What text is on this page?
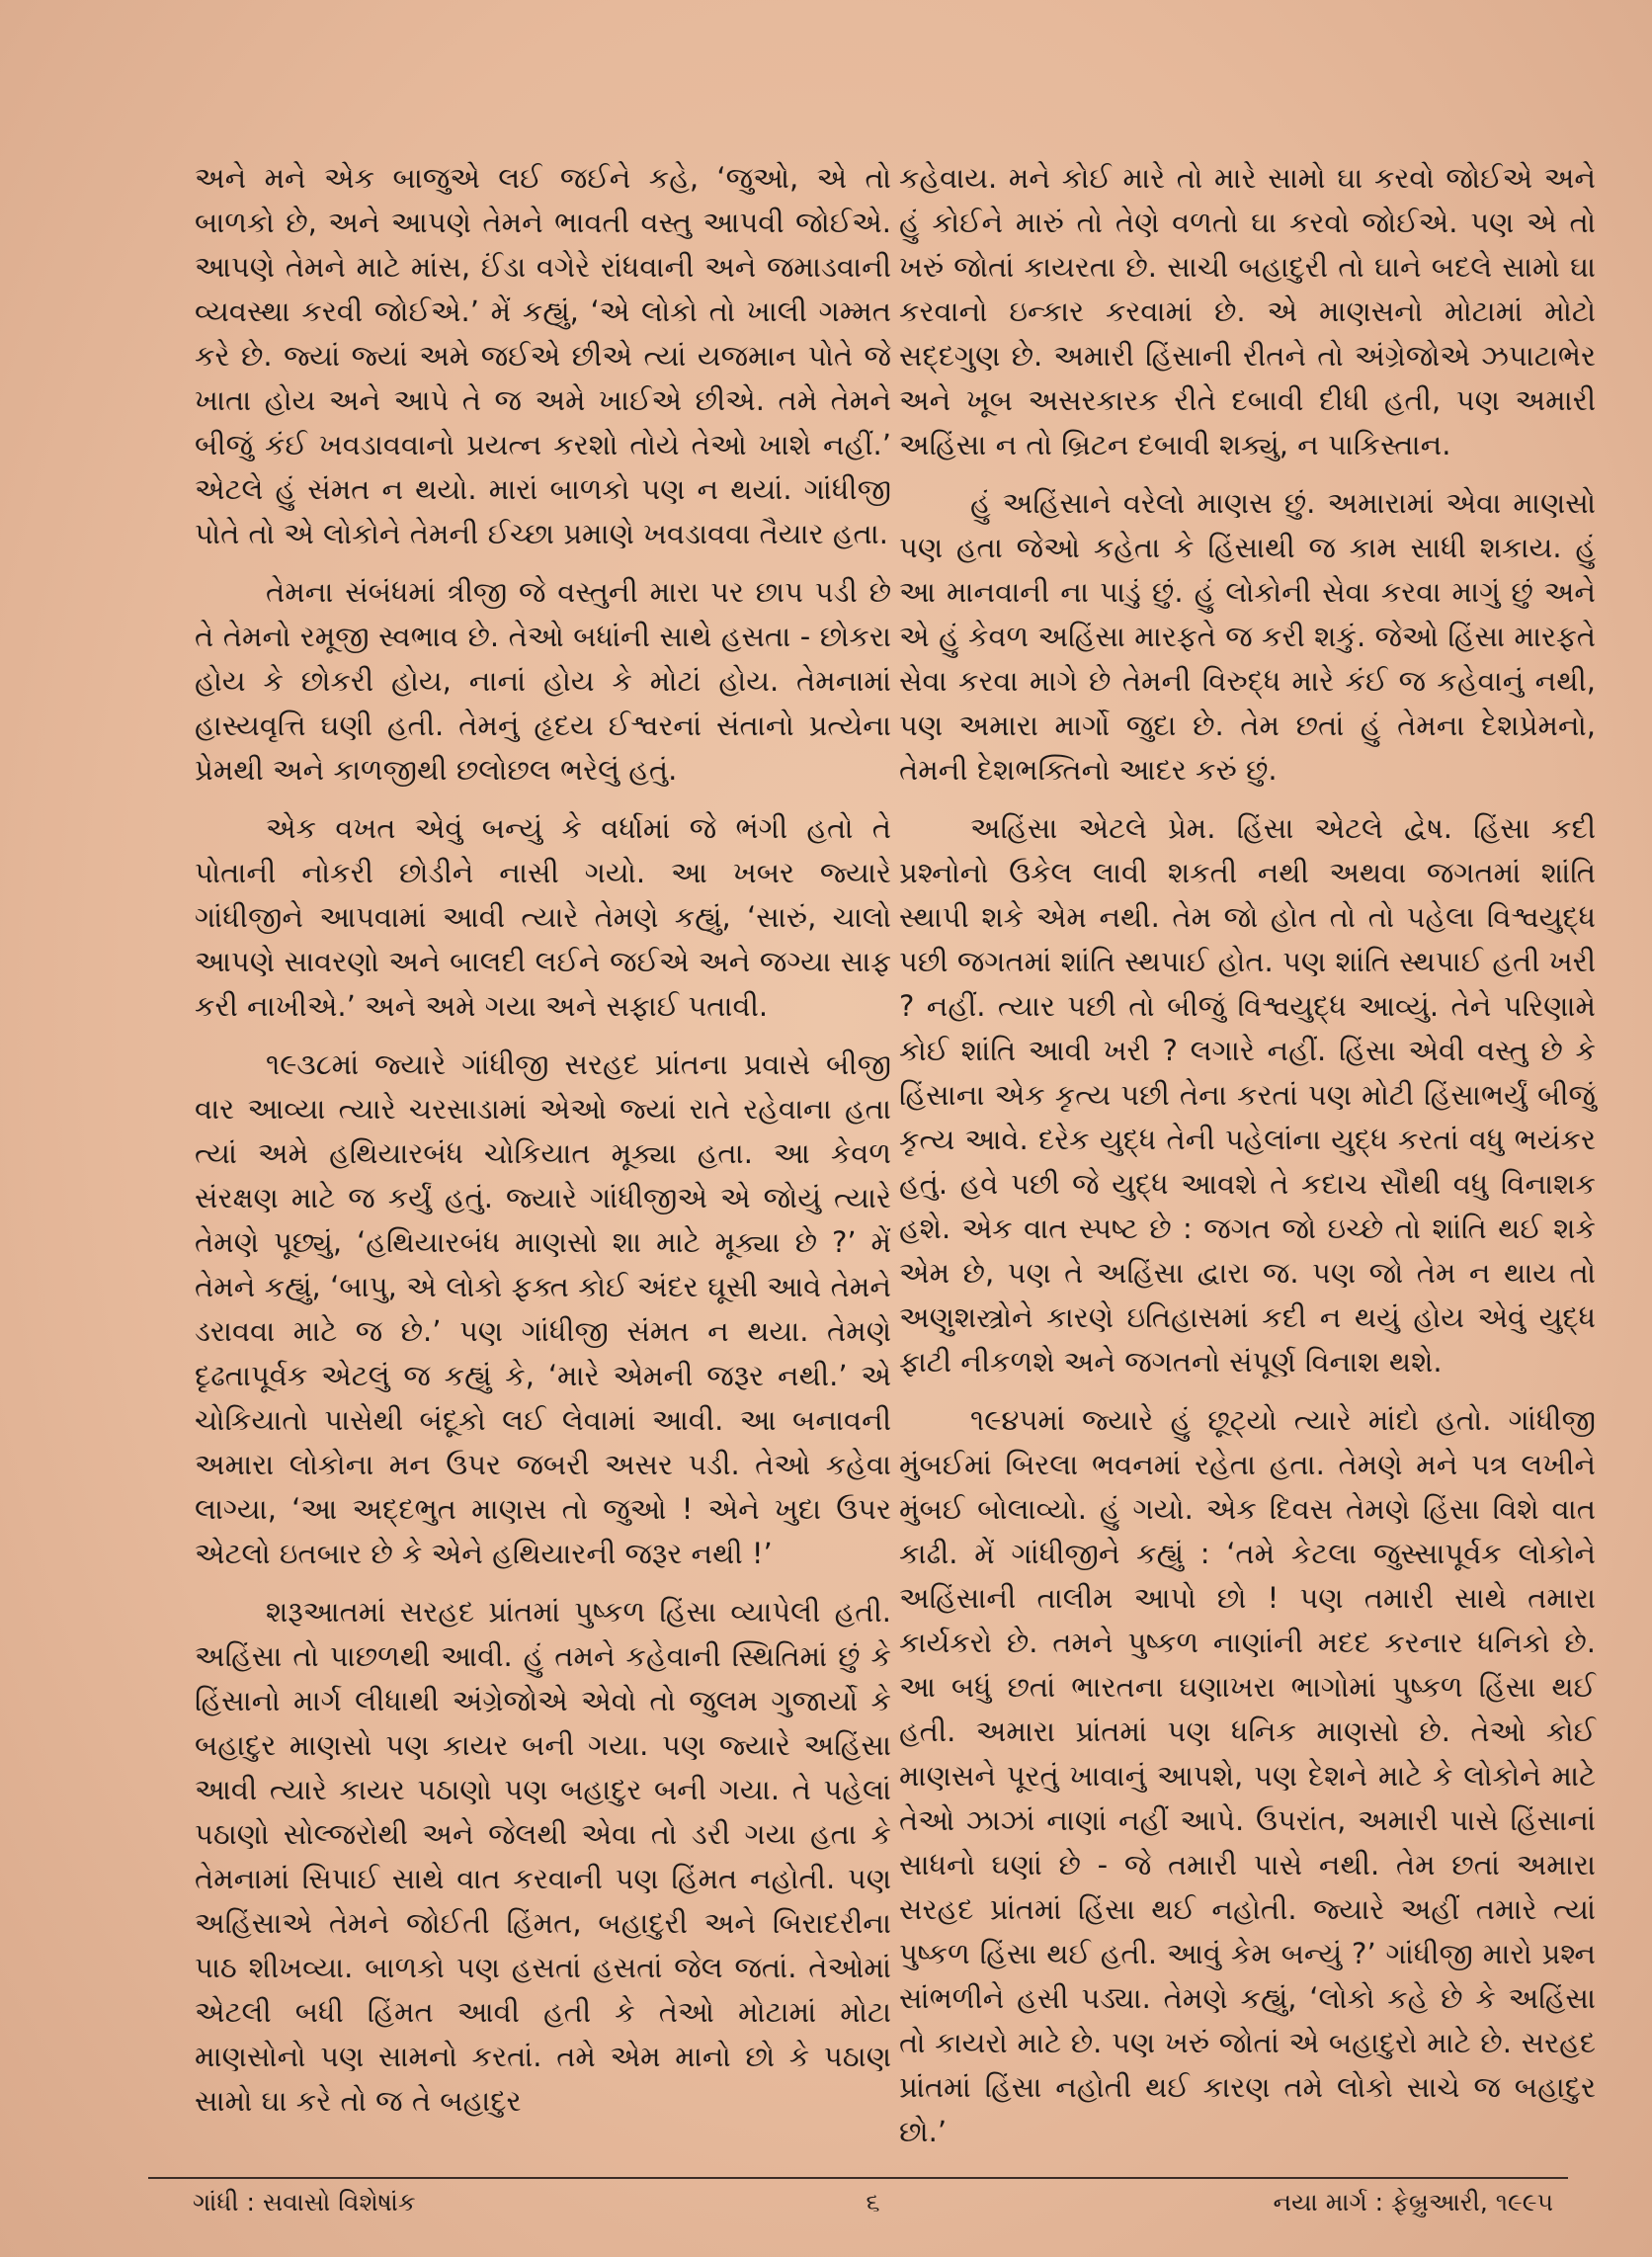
અને મને એક બાજુએ લઈ જઈને કહે, ‘જુઓ, એ તો બાળકો છે, અને આપણે તેમને ભાવતી વસ્તુ આપવી જોઈએ. આપણે તેમને માટે માંસ, ઈંડા વગેરે રાંધવાની અને જમાડવાની વ્યવસ્થા કરવી જોઈએ.’ મેં કહ્યું, ‘એ લોકો તો ખાલી ગમ્મત કરે છે. જ્યાં જ્યાં અમે જઈએ છીએ ત્યાં યજમાન પોતે જે ખાતા હોય અને આપે તે જ અમે ખાઈએ છીએ. તમે તેમને બીજું કંઈ ખવડાવવાનો પ્રયત્ન કરશો તોયે તેઓ ખાશે નહીં.’ એટલે હું સંમત ન થયો. મારાં બાળકો પણ ન થયાં. ગાંધીજી પોતે તો એ લોકોને તેમની ઈચ્છા પ્રમાણે ખવડાવવા તૈયાર હતા.

તેમના સંબંધમાં ત્રીજી જે વસ્તુની મારા પર છાપ પડી છે તે તેમનો રમૂજી સ્વભાવ છે. તેઓ બધાંની સાથે હસતા - છોકરા હોય કે છોકરી હોય, નાનાં હોય કે મોટાં હોય. તેમનામાં હાસ્યવૃત્તિ ઘણી હતી. તેમનું હૃદય ઈશ્વરનાં સંતાનો પ્રત્યેના પ્રેમથી અને કાળજીથી છલોછલ ભરેલું હતું.

એક વખત એવું બન્યું કે વર્ધામાં જે ભંગી હતો તે પોતાની નોકરી છોડીને નાસી ગયો. આ ખબર જ્યારે ગાંધીજીને આપવામાં આવી ત્યારે તેમણે કહ્યું, ‘સારું, ચાલો આપણે સાવરણો અને બાલદી લઈને જઈએ અને જગ્યા સાફ કરી નાખીએ.’ અને અમે ગયા અને સફાઈ પતાવી.

૧૯૩૮માં જ્યારે ગાંધીજી સરહદ પ્રાંતના પ્રવાસે બીજી વાર આવ્યા ત્યારે ચરસાડામાં એઓ જ્યાં રાતે રહેવાના હતા ત્યાં અમે હથિયારબંધ ચોકિયાત મૂક્યા હતા. આ કેવળ સંરક્ષણ માટે જ કર્યું હતું. જ્યારે ગાંધીજીએ એ જોયું ત્યારે તેમણે પૂછ્યું, ‘હથિયારબંધ માણસો શા માટે મૂક્યા છે ?’ મેં તેમને કહ્યું, ‘બાપુ, એ લોકો ફક્ત કોઈ અંદર ઘૂસી આવે તેમને ડરાવવા માટે જ છે.’ પણ ગાંધીજી સંમત ન થયા. તેમણે દૃઢતાપૂર્વક એટલું જ કહ્યું કે, ‘મારે એમની જરૂર નથી.’ એ ચોકિયાતો પાસેથી બંદૂકો લઈ લેવામાં આવી. આ બનાવની અમારા લોકોના મન ઉપર જબરી અસર પડી. તેઓ કહેવા લાગ્યા, ‘આ અદ્દભુત માણસ તો જુઓ ! એને ખુદા ઉપર એટલો ઇતબાર છે કે એને હથિયારની જરૂર નથી !’

શરૂઆતમાં સરહદ પ્રાંતમાં પુષ્કળ હિંસા વ્યાપેલી હતી. અહિંસા તો પાછળથી આવી. હું તમને કહેવાની સ્થિતિમાં છું કે હિંસાનો માર્ગ લીધાથી અંગ્રેજોએ એવો તો જુલમ ગુજાર્યો કે બહાદુર માણસો પણ કાયર બની ગયા. પણ જ્યારે અહિંસા આવી ત્યારે કાયર પઠાણો પણ બહાદુર બની ગયા. તે પહેલાં પઠાણો સોલ્જરોથી અને જેલથી એવા તો ડરી ગયા હતા કે તેમનામાં સિપાઈ સાથે વાત કરવાની પણ હિંમત નહોતી. પણ અહિંસાએ તેમને જોઈતી હિંમત, બહાદુરી અને બિરાદરીના પાઠ શીખવ્યા. બાળકો પણ હસતાં હસતાં જેલ જતાં. તેઓમાં એટલી બધી હિંમત આવી હતી કે તેઓ મોટામાં મોટા માણસોનો પણ સામનો કરતાં. તમે એમ માનો છો કે પઠાણ સામો ઘા કરે તો જ તે બહાદુર

કહેવાય. મને કોઈ મારે તો મારે સામો ઘા કરવો જોઈએ અને હું કોઈને મારું તો તેણે વળતો ઘા કરવો જોઈએ. પણ એ તો ખરું જોતાં કાયરતા છે. સાચી બહાદુરી તો ઘાને બદલે સામો ઘા કરવાનો ઇન્કાર કરવામાં છે. એ માણસનો મોટામાં મોટો સદ્દગુણ છે. અમારી હિંસાની રીતને તો અંગ્રેજોએ ઝપાટાભેર અને ખૂબ અસરકારક રીતે દબાવી દીધી હતી, પણ અમારી અહિંસા ન તો બ્રિટન દબાવી શક્યું, ન પાકિસ્તાન.

હું અહિંસાને વરેલો માણસ છું. અમારામાં એવા માણસો પણ હતા જેઓ કહેતા કે હિંસાથી જ કામ સાધી શકાય. હું આ માનવાની ના પાડું છું. હું લોકોની સેવા કરવા માગું છું અને એ હું કેવળ અહિંસા મારફતે જ કરી શકું. જેઓ હિંસા મારફતે સેવા કરવા માગે છે તેમની વિરુદ્ધ મારે કંઈ જ કહેવાનું નથી, પણ અમારા માર્ગો જુદા છે. તેમ છતાં હું તેમના દેશપ્રેમનો, તેમની દેશભક્તિનો આદર કરું છું.

અહિંસા એટલે પ્રેમ. હિંસા એટલે દ્વેષ. હિંસા કદી પ્રશ્નોનો ઉકેલ લાવી શકતી નથી અથવા જગતમાં શાંતિ સ્થાપી શકે એમ નથી. તેમ જો હોત તો તો પહેલા વિશ્વયુદ્ધ પછી જગતમાં શાંતિ સ્થપાઈ હોત. પણ શાંતિ સ્થપાઈ હતી ખરી ? નહીં. ત્યાર પછી તો બીજું વિશ્વયુદ્ધ આવ્યું. તેને પરિણામે કોઈ શાંતિ આવી ખરી ? લગારે નહીં. હિંસા એવી વસ્તુ છે કે હિંસાના એક કૃત્ય પછી તેના કરતાં પણ મોટી હિંસાભર્યું બીજું કૃત્ય આવે. દરેક યુદ્ધ તેની પહેલાંના યુદ્ધ કરતાં વધુ ભયંકર હતું. હવે પછી જે યુદ્ધ આવશે તે કદાચ સૌથી વધુ વિનાશક હશે. એક વાત સ્પષ્ટ છે : જગત જો ઇચ્છે તો શાંતિ થઈ શકે એમ છે, પણ તે અહિંસા દ્વારા જ. પણ જો તેમ ન થાય તો અણુશસ્ત્રોને કારણે ઇતિહાસમાં કદી ન થયું હોય એવું યુદ્ધ ફાટી નીકળશે અને જગતનો સંપૂર્ણ વિનાશ થશે.

૧૯૪૫માં જ્યારે હું છૂટ્યો ત્યારે માંદો હતો. ગાંધીજી મુંબઈમાં બિરલા ભવનમાં રહેતા હતા. તેમણે મને પત્ર લખીને મુંબઈ બોલાવ્યો. હું ગયો. એક દિવસ તેમણે હિંસા વિશે વાત કાઢી. મેં ગાંધીજીને કહ્યું : ‘તમે કેટલા જુસ્સાપૂર્વક લોકોને અહિંસાની તાલીમ આપો છો ! પણ તમારી સાથે તમારા કાર્યકરો છે. તમને પુષ્કળ નાણાંની મદદ કરનાર ધનિકો છે. આ બધું છતાં ભારતના ઘણાખરા ભાગોમાં પુષ્કળ હિંસા થઈ હતી. અમારા પ્રાંતમાં પણ ધનિક માણસો છે. તેઓ કોઈ માણસને પૂરતું ખાવાનું આપશે, પણ દેશને માટે કે લોકોને માટે તેઓ ઝાઝાં નાણાં નહીં આપે. ઉપરાંત, અમારી પાસે હિંસાનાં સાધનો ઘણાં છે - જે તમારી પાસે નથી. તેમ છતાં અમારા સરહદ પ્રાંતમાં હિંસા થઈ નહોતી. જ્યારે અહીં તમારે ત્યાં પુષ્કળ હિંસા થઈ હતી. આવું કેમ બન્યું ?’ ગાંધીજી મારો પ્રશ્ન સાંભળીને હસી પડ્યા. તેમણે કહ્યું, ‘લોકો કહે છે કે અહિંસા તો કાયરો માટે છે. પણ ખરું જોતાં એ બહાદુરો માટે છે. સરહદ પ્રાંતમાં હિંસા નહોતી થઈ કારણ તમે લોકો સાચે જ બહાદુર છો.’

ગાંધી : સવાસો વિશેષાંક	૬	નયા માર્ગ : ફેબ્રુઆરી, ૧૯૯૫
